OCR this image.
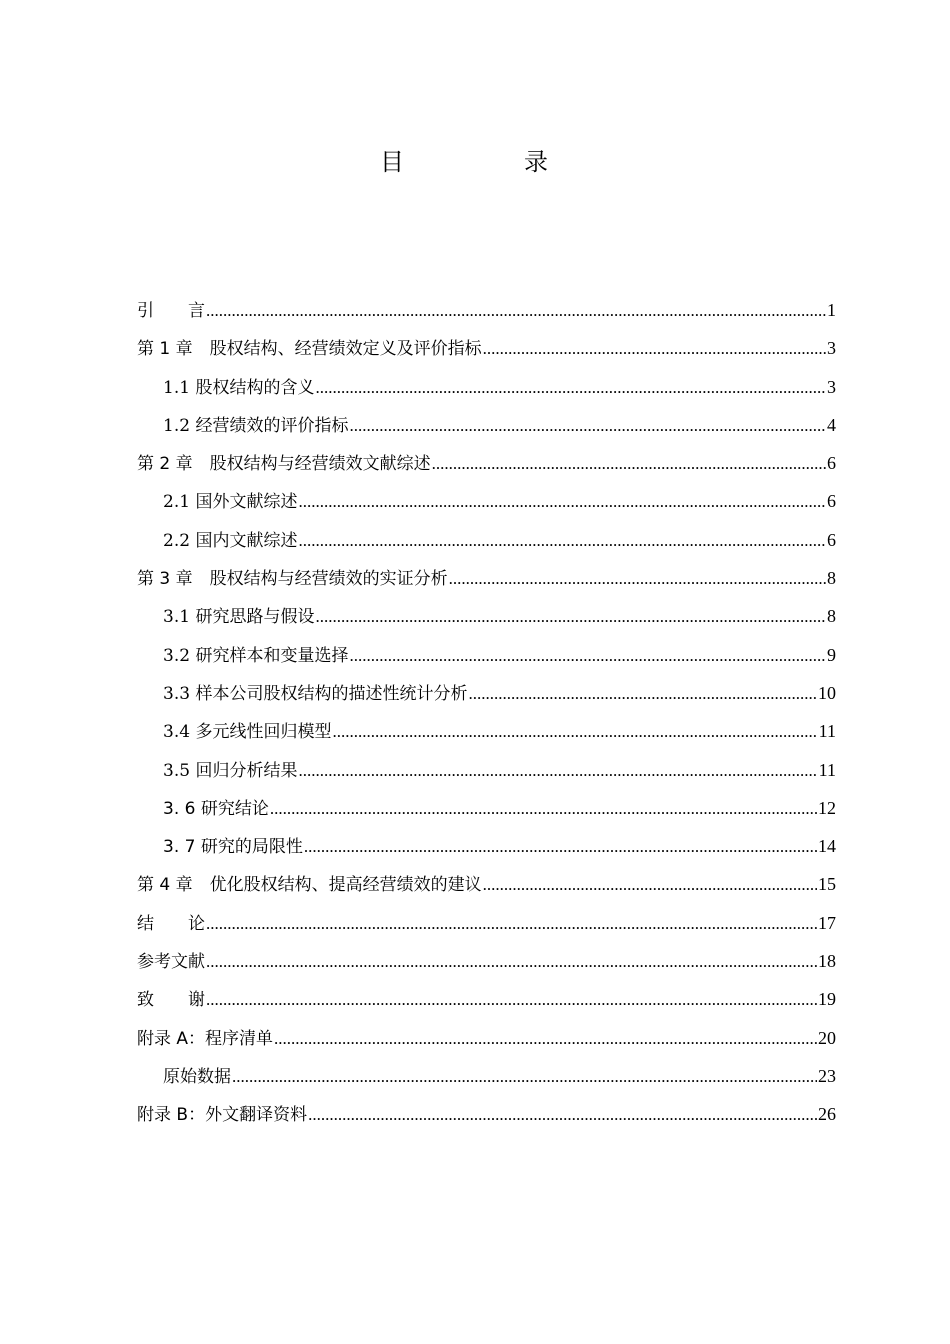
目　录
引　　言 .....	1
第 1 章　股权结构、经营绩效定义及评价指标 .....	3
1.1 股权结构的含义 .....	3
1.2 经营绩效的评价指标 .....	4
第 2 章　股权结构与经营绩效文献综述 .....	6
2.1 国外文献综述 .....	6
2.2 国内文献综述 .....	6
第 3 章　股权结构与经营绩效的实证分析 .....	8
3.1 研究思路与假设 .....	8
3.2 研究样本和变量选择 .....	9
3.3 样本公司股权结构的描述性统计分析 .....	10
3.4 多元线性回归模型 .....	11
3.5 回归分析结果 .....	11
3. 6 研究结论 .....	12
3. 7 研究的局限性 .....	14
第 4 章　优化股权结构、提高经营绩效的建议 .....	15
结　　论 .....	17
参考文献 .....	18
致　　谢 .....	19
附录 A：程序清单 .....	20
原始数据 .....	23
附录 B：外文翻译资料 .....	26
